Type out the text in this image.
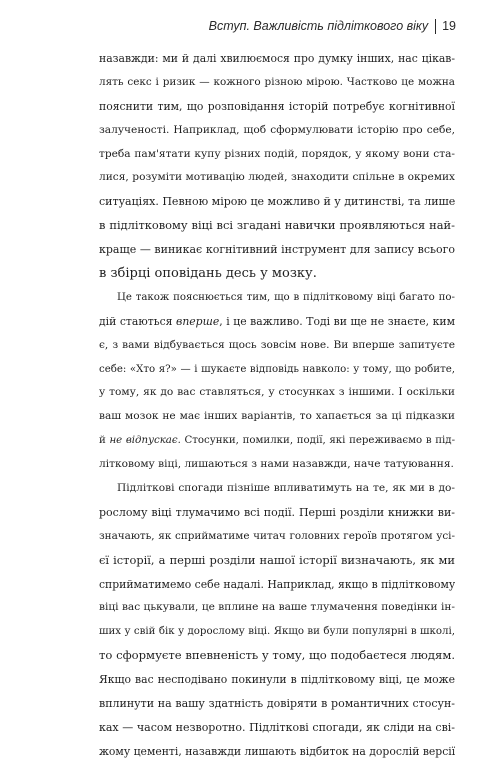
Вступ. Важливість підліткового віку 19
назавжди: ми й далі хвилюємося про думку інших, нас цікав-
лять секс і ризик — кожного різною мірою. Частково це можна
пояснити тим, що розповідання історій потребує когнітивної
залученості. Наприклад, щоб сформулювати історію про себе,
треба пам'ятати купу різних подій, порядок, у якому вони ста-
лися, розуміти мотивацію людей, знаходити спільне в окремих
ситуаціях. Певною мірою це можливо й у дитинстві, та лише
в підлітковому віці всі згадані навички проявляються най-
краще — виникає когнітивний інструмент для запису всього
в збірці оповідань десь у мозку.
Це також пояснюється тим, що в підлітковому віці багато по-
дій стаються вперше, і це важливо. Тоді ви ще не знаєте, ким
є, з вами відбувається щось зовсім нове. Ви вперше запитуєте
себе: «Хто я?» — і шукаєте відповідь навколо: у тому, що робите,
у тому, як до вас ставляться, у стосунках з іншими. І оскільки
ваш мозок не має інших варіантів, то хапається за ці підказки
й не відпускає. Стосунки, помилки, події, які переживаємо в під-
літковому віці, лишаються з нами назавжди, наче татуювання.
Підліткові спогади пізніше впливатимуть на те, як ми в до-
рослому віці тлумачимо всі події. Перші розділи книжки ви-
значають, як сприйматиме читач головних героїв протягом усі-
єї історії, а перші розділи нашої історії визначають, як ми
сприйматимемо себе надалі. Наприклад, якщо в підлітковому
віці вас цькували, це вплине на ваше тлумачення поведінки ін-
ших у свій бік у дорослому віці. Якщо ви були популярні в школі,
то сформуєте впевненість у тому, що подобаєтеся людям.
Якщо вас несподівано покинули в підлітковому віці, це може
вплинути на вашу здатність довіряти в романтичних стосун-
ках — часом незворотно. Підліткові спогади, як сліди на сві-
жому цементі, назавжди лишають відбиток на дорослій версії
